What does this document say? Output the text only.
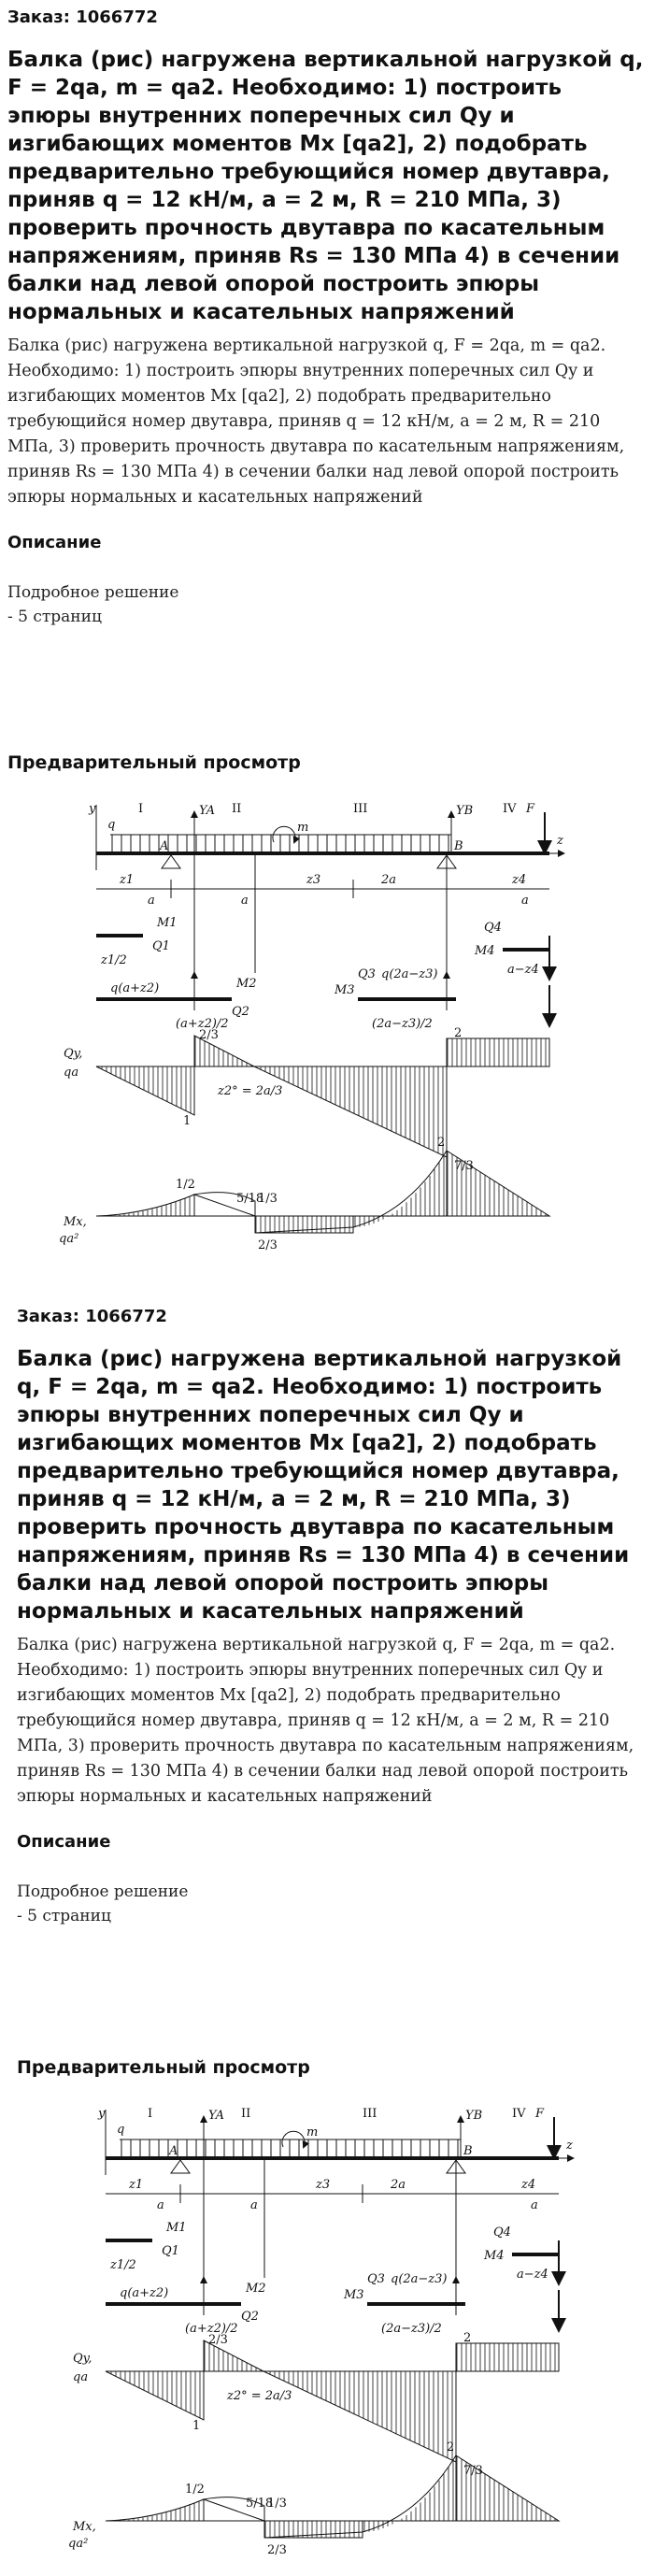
Заказ: 1066772
Балка (рис) нагружена вертикальной нагрузкой q, F = 2qa, m = qa2. Необходимо: 1) построить эпюры внутренних поперечных сил Qy и изгибающих моментов Mx [qa2], 2) подобрать предварительно требующийся номер двутавра, приняв q = 12 кН/м, a = 2 м, R = 210 МПа, 3) проверить прочность двутавра по касательным напряжениям, приняв Rs = 130 МПа 4) в сечении балки над левой опорой построить эпюры нормальных и касательных напряжений
Балка (рис) нагружена вертикальной нагрузкой q, F = 2qa, m = qa2. Необходимо: 1) построить эпюры внутренних поперечных сил Qy и изгибающих моментов Mx [qa2], 2) подобрать предварительно требующийся номер двутавра, приняв q = 12 кН/м, a = 2 м, R = 210 МПа, 3) проверить прочность двутавра по касательным напряжениям, приняв Rs = 130 МПа 4) в сечении балки над левой опорой построить эпюры нормальных и касательных напряжений
Описание
Подробное решение
- 5 страниц
Предварительный просмотр
y
q
I	II	III	IV
YA	YB
m
F
z
A	B
z1
a	a
z3	2a	z4
a
M1
Q1
z1/2
q(a+z2)	M2
Q2
(a+z2)/2
M3
Q3 q(2a−z3)
(2a−z3)/2
Q4
M4
a−z4
Qy,
qa
2/3
1
z2° = 2a/3
7/3
2
Mx,
qa²
1/2
5/18
1/3
2
2/3
Заказ: 1066772
Балка (рис) нагружена вертикальной нагрузкой q, F = 2qa, m = qa2. Необходимо: 1) построить эпюры внутренних поперечных сил Qy и изгибающих моментов Mx [qa2], 2) подобрать предварительно требующийся номер двутавра, приняв q = 12 кН/м, a = 2 м, R = 210 МПа, 3) проверить прочность двутавра по касательным напряжениям, приняв Rs = 130 МПа 4) в сечении балки над левой опорой построить эпюры нормальных и касательных напряжений
Балка (рис) нагружена вертикальной нагрузкой q, F = 2qa, m = qa2. Необходимо: 1) построить эпюры внутренних поперечных сил Qy и изгибающих моментов Mx [qa2], 2) подобрать предварительно требующийся номер двутавра, приняв q = 12 кН/м, a = 2 м, R = 210 МПа, 3) проверить прочность двутавра по касательным напряжениям, приняв Rs = 130 МПа 4) в сечении балки над левой опорой построить эпюры нормальных и касательных напряжений
Описание
Подробное решение
- 5 страниц
Предварительный просмотр
y
q
I	II	III	IV
YA	YB
m
F
z
A	B
z1
a	a
z3	2a	z4
a
M1
Q1
z1/2
q(a+z2)	M2
Q2
(a+z2)/2
M3
Q3 q(2a−z3)
(2a−z3)/2
Q4
M4
a−z4
Qy,
qa
2/3
1
z2° = 2a/3
7/3
2
Mx,
qa²
1/2
5/18
1/3
2
2/3
